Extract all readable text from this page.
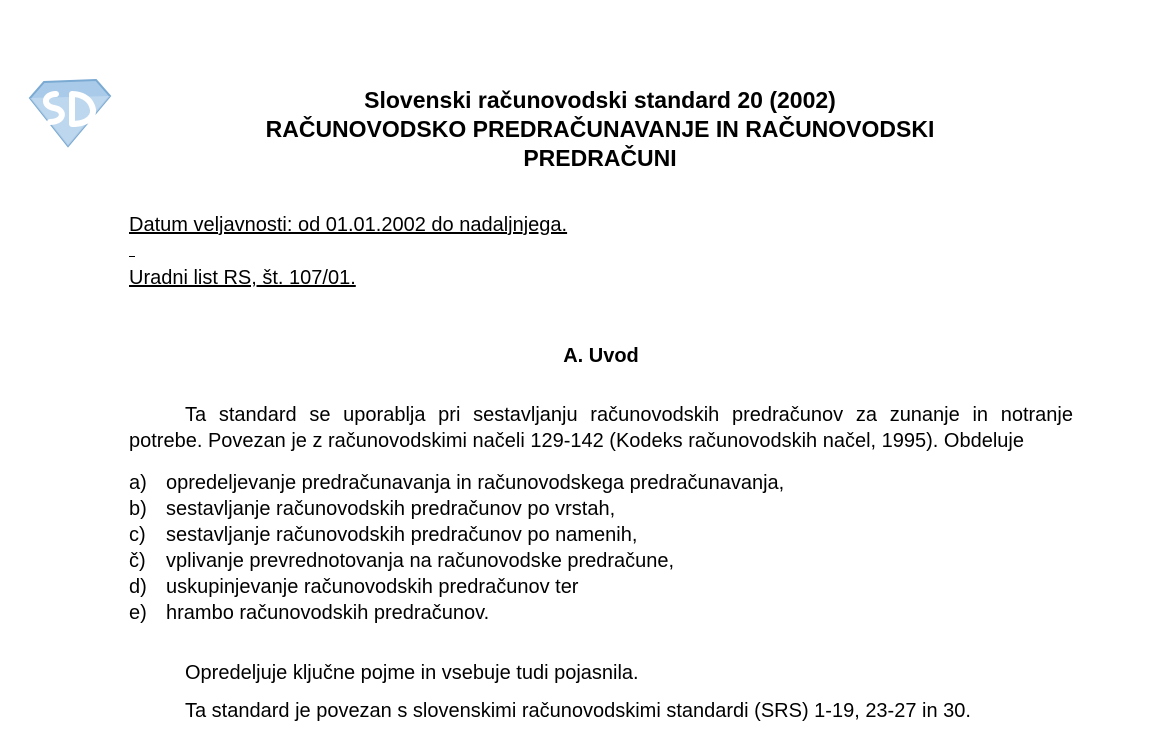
Slovenski računovodski standard 20 (2002)
RAČUNOVODSKO PREDRAČUNAVANJE IN RAČUNOVODSKI
PREDRAČUNI
Datum veljavnosti: od 01.01.2002 do nadaljnjega.
Uradni list RS, št. 107/01.
A. Uvod

Ta standard se uporablja pri sestavljanju računovodskih predračunov za zunanje in notranje potrebe. Povezan je z računovodskimi načeli 129-142 (Kodeks računovodskih načel, 1995). Obdeluje

a) opredeljevanje predračunavanja in računovodskega predračunavanja,
b) sestavljanje računovodskih predračunov po vrstah,
c)	sestavljanje računovodskih predračunov po namenih,
č)	vplivanje prevrednotovanja na računovodske predračune,
d) uskupinjevanje računovodskih predračunov ter
e) hrambo računovodskih predračunov.

Opredeljuje ključne pojme in vsebuje tudi pojasnila.

Ta standard je povezan s slovenskimi računovodskimi standardi (SRS) 1-19, 23-27 in 30.
